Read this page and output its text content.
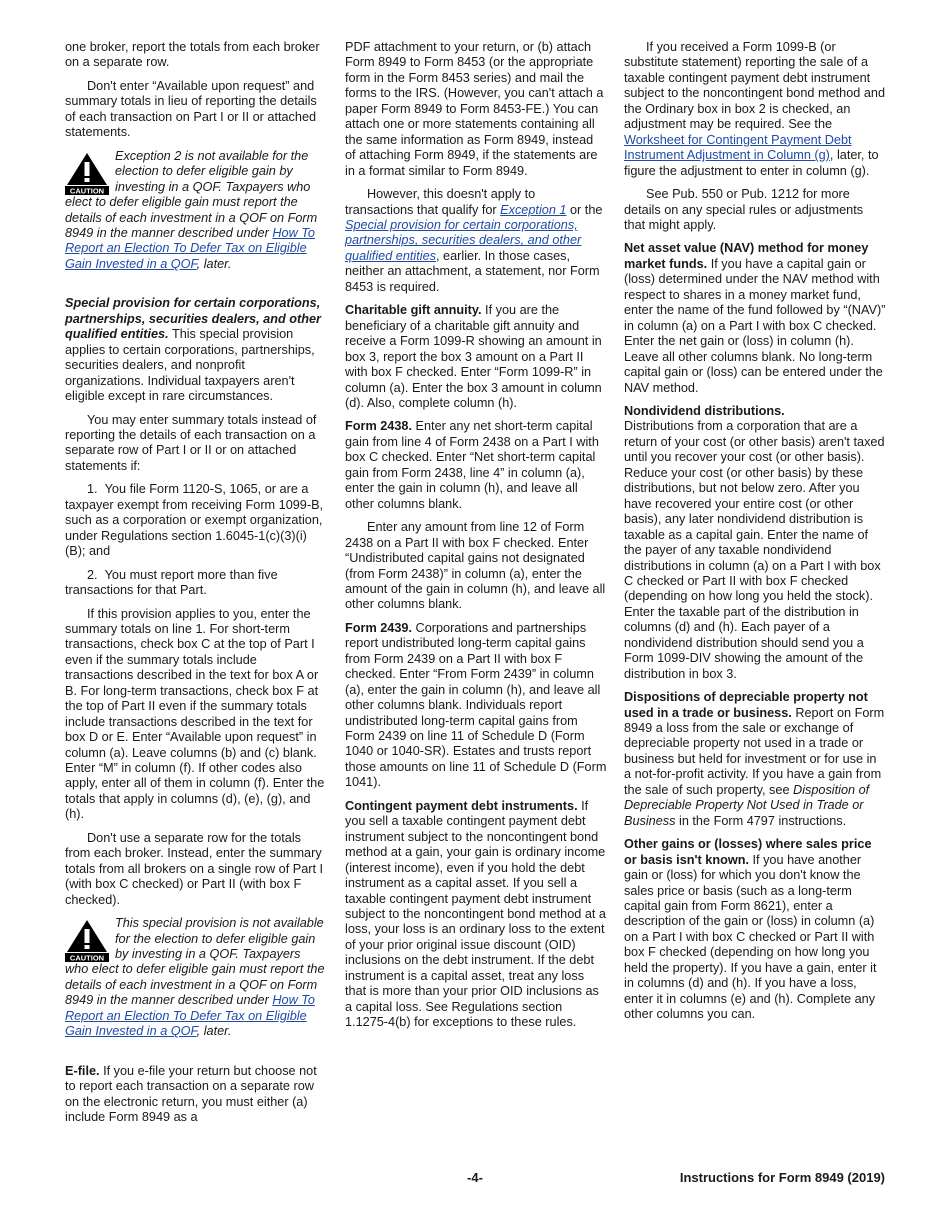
one broker, report the totals from each broker on a separate row.

Don't enter “Available upon request” and summary totals in lieu of reporting the details of each transaction on Part I or II or attached statements.

CAUTION
Exception 2 is not available for the election to defer eligible gain by investing in a QOF. Taxpayers who elect to defer eligible gain must report the details of each investment in a QOF on Form 8949 in the manner described under How To Report an Election To Defer Tax on Eligible Gain Invested in a QOF, later.

Special provision for certain corporations, partnerships, securities dealers, and other qualified entities. This special provision applies to certain corporations, partnerships, securities dealers, and nonprofit organizations. Individual taxpayers aren't eligible except in rare circumstances.

You may enter summary totals instead of reporting the details of each transaction on a separate row of Part I or II or on attached statements if:

1.  You file Form 1120-S, 1065, or are a taxpayer exempt from receiving Form 1099-B, such as a corporation or exempt organization, under Regulations section 1.6045-1(c)(3)(i)(B); and

2.  You must report more than five transactions for that Part.

If this provision applies to you, enter the summary totals on line 1. For short-term transactions, check box C at the top of Part I even if the summary totals include transactions described in the text for box A or B. For long-term transactions, check box F at the top of Part II even if the summary totals include transactions described in the text for box D or E. Enter “Available upon request” in column (a). Leave columns (b) and (c) blank. Enter “M” in column (f). If other codes also apply, enter all of them in column (f). Enter the totals that apply in columns (d), (e), (g), and (h).

Don't use a separate row for the totals from each broker. Instead, enter the summary totals from all brokers on a single row of Part I (with box C checked) or Part II (with box F checked).

CAUTION
This special provision is not available for the election to defer eligible gain by investing in a QOF. Taxpayers who elect to defer eligible gain must report the details of each investment in a QOF on Form 8949 in the manner described under How To Report an Election To Defer Tax on Eligible Gain Invested in a QOF, later.

E-file. If you e-file your return but choose not to report each transaction on a separate row on the electronic return, you must either (a) include Form 8949 as a

PDF attachment to your return, or (b) attach Form 8949 to Form 8453 (or the appropriate form in the Form 8453 series) and mail the forms to the IRS. (However, you can't attach a paper Form 8949 to Form 8453-FE.) You can attach one or more statements containing all the same information as Form 8949, instead of attaching Form 8949, if the statements are in a format similar to Form 8949.

However, this doesn't apply to transactions that qualify for Exception 1 or the Special provision for certain corporations, partnerships, securities dealers, and other qualified entities, earlier. In those cases, neither an attachment, a statement, nor Form 8453 is required.

Charitable gift annuity. If you are the beneficiary of a charitable gift annuity and receive a Form 1099-R showing an amount in box 3, report the box 3 amount on a Part II with box F checked. Enter “Form 1099-R” in column (a). Enter the box 3 amount in column (d). Also, complete column (h).

Form 2438. Enter any net short-term capital gain from line 4 of Form 2438 on a Part I with box C checked. Enter “Net short-term capital gain from Form 2438, line 4” in column (a), enter the gain in column (h), and leave all other columns blank.

Enter any amount from line 12 of Form 2438 on a Part II with box F checked. Enter “Undistributed capital gains not designated (from Form 2438)” in column (a), enter the amount of the gain in column (h), and leave all other columns blank.

Form 2439. Corporations and partnerships report undistributed long-term capital gains from Form 2439 on a Part II with box F checked. Enter “From Form 2439” in column (a), enter the gain in column (h), and leave all other columns blank. Individuals report undistributed long-term capital gains from Form 2439 on line 11 of Schedule D (Form 1040 or 1040-SR). Estates and trusts report those amounts on line 11 of Schedule D (Form 1041).

Contingent payment debt instruments. If you sell a taxable contingent payment debt instrument subject to the noncontingent bond method at a gain, your gain is ordinary income (interest income), even if you hold the debt instrument as a capital asset. If you sell a taxable contingent payment debt instrument subject to the noncontingent bond method at a loss, your loss is an ordinary loss to the extent of your prior original issue discount (OID) inclusions on the debt instrument. If the debt instrument is a capital asset, treat any loss that is more than your prior OID inclusions as a capital loss. See Regulations section 1.1275-4(b) for exceptions to these rules.

If you received a Form 1099-B (or substitute statement) reporting the sale of a taxable contingent payment debt instrument subject to the noncontingent bond method and the Ordinary box in box 2 is checked, an adjustment may be required. See the Worksheet for Contingent Payment Debt Instrument Adjustment in Column (g), later, to figure the adjustment to enter in column (g).

See Pub. 550 or Pub. 1212 for more details on any special rules or adjustments that might apply.

Net asset value (NAV) method for money market funds. If you have a capital gain or (loss) determined under the NAV method with respect to shares in a money market fund, enter the name of the fund followed by “(NAV)” in column (a) on a Part I with box C checked. Enter the net gain or (loss) in column (h). Leave all other columns blank. No long-term capital gain or (loss) can be entered under the NAV method.

Nondividend distributions.
Distributions from a corporation that are a return of your cost (or other basis) aren't taxed until you recover your cost (or other basis). Reduce your cost (or other basis) by these distributions, but not below zero. After you have recovered your entire cost (or other basis), any later nondividend distribution is taxable as a capital gain. Enter the name of the payer of any taxable nondividend distributions in column (a) on a Part I with box C checked or Part II with box F checked (depending on how long you held the stock). Enter the taxable part of the distribution in columns (d) and (h). Each payer of a nondividend distribution should send you a Form 1099-DIV showing the amount of the distribution in box 3.

Dispositions of depreciable property not used in a trade or business. Report on Form 8949 a loss from the sale or exchange of depreciable property not used in a trade or business but held for investment or for use in a not-for-profit activity. If you have a gain from the sale of such property, see Disposition of Depreciable Property Not Used in Trade or Business in the Form 4797 instructions.

Other gains or (losses) where sales price or basis isn't known. If you have another gain or (loss) for which you don't know the sales price or basis (such as a long-term capital gain from Form 8621), enter a description of the gain or (loss) in column (a) on a Part I with box C checked or Part II with box F checked (depending on how long you held the property). If you have a gain, enter it in columns (d) and (h). If you have a loss, enter it in columns (e) and (h). Complete any other columns you can.

-4-	Instructions for Form 8949 (2019)
